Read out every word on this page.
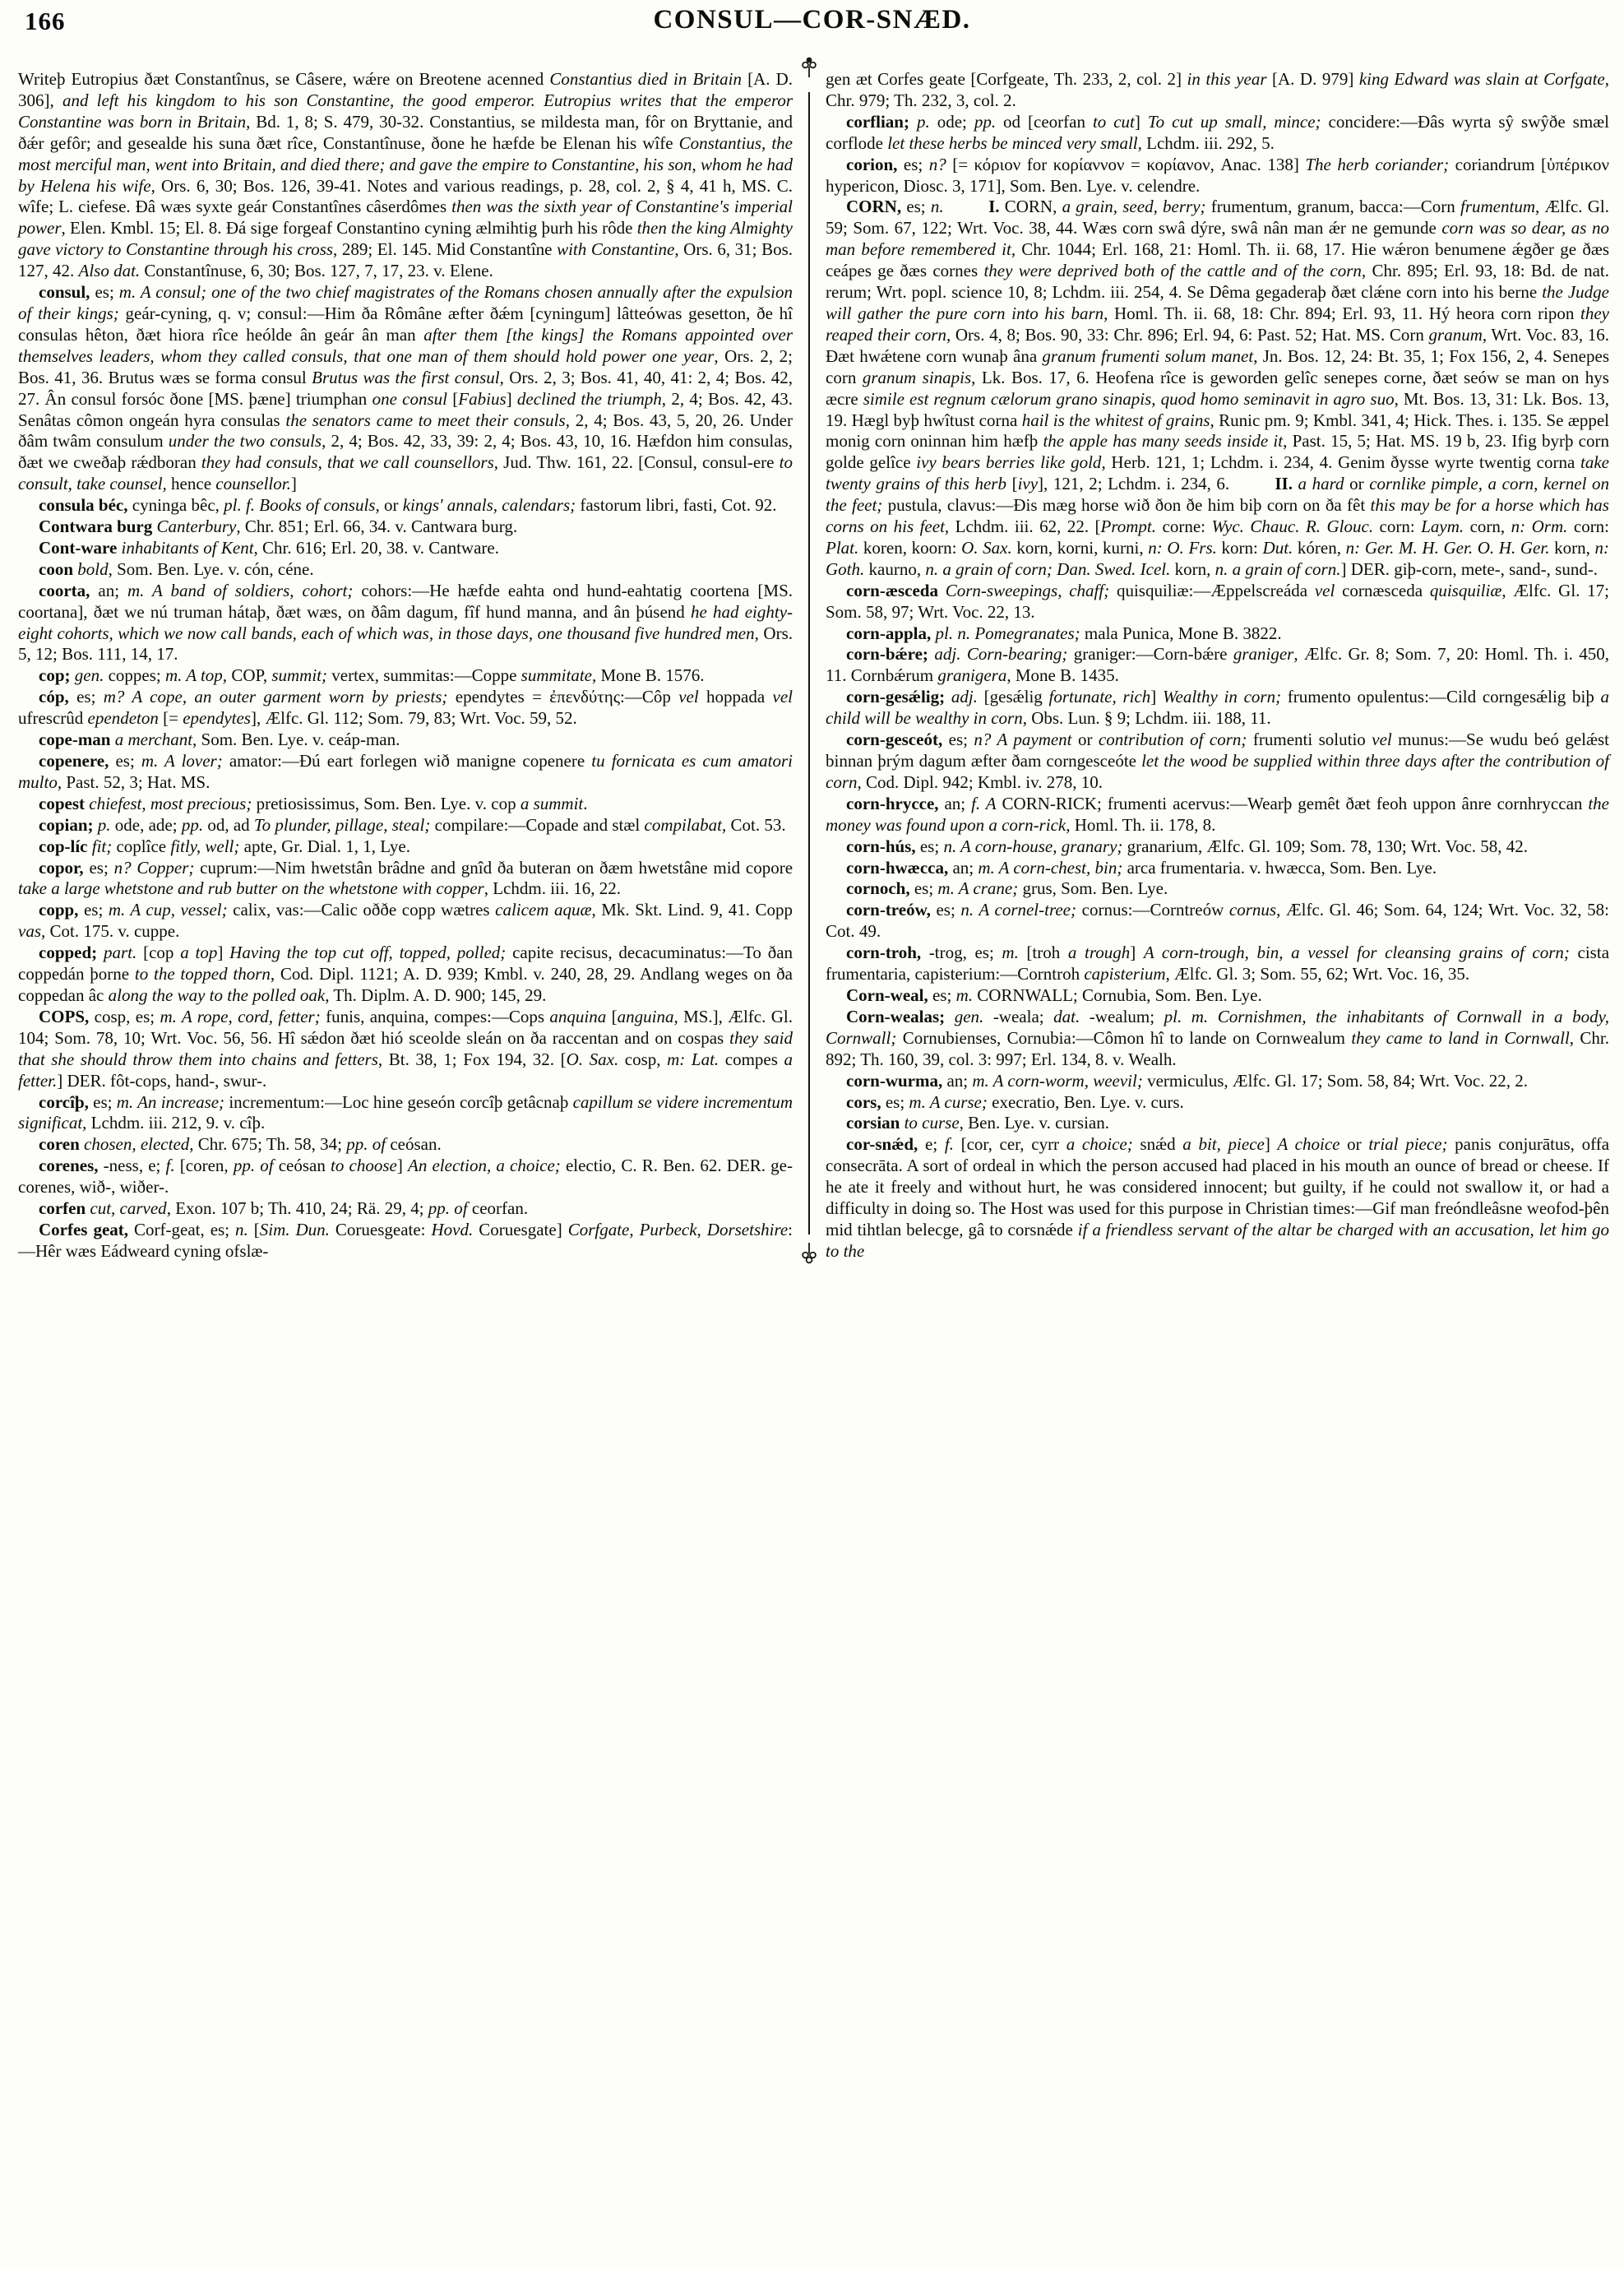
166	CONSUL—COR-SNÆD.

Writeþ Eutropius ðæt Constantînus, se Câsere, wǽre on Breotene acenned Constantius died in Britain [A. D. 306], and left his kingdom to his son Constantine, the good emperor. Eutropius writes that the emperor Constantine was born in Britain, Bd. 1, 8; S. 479, 30-32. Constantius, se mildesta man, fôr on Bryttanie, and ðǽr gefôr; and gesealde his suna ðæt rîce, Constantînuse, ðone he hæfde be Elenan his wîfe Constantius, the most merciful man, went into Britain, and died there; and gave the empire to Constantine, his son, whom he had by Helena his wife, Ors. 6, 30; Bos. 126, 39-41. Notes and various readings, p. 28, col. 2, § 4, 41 h, MS. C. wîfe; L. ciefese. Ðâ wæs syxte geár Constantînes câserdômes then was the sixth year of Constantine's imperial power, Elen. Kmbl. 15; El. 8. Ðá sige forgeaf Constantino cyning ælmihtig þurh his rôde then the king Almighty gave victory to Constantine through his cross, 289; El. 145. Mid Constantîne with Constantine, Ors. 6, 31; Bos. 127, 42. Also dat. Constantînuse, 6, 30; Bos. 127, 7, 17, 23. v. Elene.

consul, es; m. A consul; one of the two chief magistrates of the Romans chosen annually after the expulsion of their kings; geár-cyning, q. v; consul:—Him ða Rômâne æfter ðǽm [cyningum] lâtteówas gesetton, ðe hî consulas hêton, ðæt hiora rîce heólde ân geár ân man after them [the kings] the Romans appointed over themselves leaders, whom they called consuls, that one man of them should hold power one year, Ors. 2, 2; Bos. 41, 36. Brutus wæs se forma consul Brutus was the first consul, Ors. 2, 3; Bos. 41, 40, 41: 2, 4; Bos. 42, 27. Ân consul forsóc ðone [MS. þæne] triumphan one consul [Fabius] declined the triumph, 2, 4; Bos. 42, 43. Senâtas cômon ongeán hyra consulas the senators came to meet their consuls, 2, 4; Bos. 43, 5, 20, 26. Under ðâm twâm consulum under the two consuls, 2, 4; Bos. 42, 33, 39: 2, 4; Bos. 43, 10, 16. Hæfdon him consulas, ðæt we cweðaþ rǽdboran they had consuls, that we call counsellors, Jud. Thw. 161, 22. [Consul, consul-ere to consult, take counsel, hence counsellor.]

consula béc, cyninga bêc, pl. f. Books of consuls, or kings' annals, calendars; fastorum libri, fasti, Cot. 92.

Contwara burg Canterbury, Chr. 851; Erl. 66, 34. v. Cantwara burg.

Cont-ware inhabitants of Kent, Chr. 616; Erl. 20, 38. v. Cantware.

coon bold, Som. Ben. Lye. v. cón, céne.

coorta, an; m. A band of soldiers, cohort; cohors:—He hæfde eahta ond hund-eahtatig coortena [MS. coortana], ðæt we nú truman hátaþ, ðæt wæs, on ðâm dagum, fîf hund manna, and ân þúsend he had eighty-eight cohorts, which we now call bands, each of which was, in those days, one thousand five hundred men, Ors. 5, 12; Bos. 111, 14, 17.

cop; gen. coppes; m. A top, COP, summit; vertex, summitas:—Coppe summitate, Mone B. 1576.

cóp, es; m? A cope, an outer garment worn by priests; ependytes = ἐπενδύτης:—Côp vel hoppada vel ufrescrûd ependeton [= ependytes], Ælfc. Gl. 112; Som. 79, 83; Wrt. Voc. 59, 52.

cope-man a merchant, Som. Ben. Lye. v. ceáp-man.

copenere, es; m. A lover; amator:—Ðú eart forlegen wið manigne copenere tu fornicata es cum amatori multo, Past. 52, 3; Hat. MS.

copest chiefest, most precious; pretiosissimus, Som. Ben. Lye. v. cop a summit.

copian; p. ode, ade; pp. od, ad To plunder, pillage, steal; compilare:—Copade and stæl compilabat, Cot. 53.

cop-líc fit; coplîce fitly, well; apte, Gr. Dial. 1, 1, Lye.

copor, es; n? Copper; cuprum:—Nim hwetstân brâdne and gnîd ða buteran on ðæm hwetstâne mid copore take a large whetstone and rub butter on the whetstone with copper, Lchdm. iii. 16, 22.

copp, es; m. A cup, vessel; calix, vas:—Calic oððe copp wætres calicem aquæ, Mk. Skt. Lind. 9, 41. Copp vas, Cot. 175. v. cuppe.

copped; part. [cop a top] Having the top cut off, topped, polled; capite recisus, decacuminatus:—To ðan coppedán þorne to the topped thorn, Cod. Dipl. 1121; A. D. 939; Kmbl. v. 240, 28, 29. Andlang weges on ða coppedan âc along the way to the polled oak, Th. Diplm. A. D. 900; 145, 29.

COPS, cosp, es; m. A rope, cord, fetter; funis, anquina, compes:—Cops anquina [anguina, MS.], Ælfc. Gl. 104; Som. 78, 10; Wrt. Voc. 56, 56. Hî sǽdon ðæt hió sceolde sleán on ða raccentan and on cospas they said that she should throw them into chains and fetters, Bt. 38, 1; Fox 194, 32. [O. Sax. cosp, m: Lat. compes a fetter.] DER. fôt-cops, hand-, swur-.

corcîþ, es; m. An increase; incrementum:—Loc hine geseón corcîþ getâcnaþ capillum se videre incrementum significat, Lchdm. iii. 212, 9. v. cîþ.

coren chosen, elected, Chr. 675; Th. 58, 34; pp. of ceósan.

corenes, -ness, e; f. [coren, pp. of ceósan to choose] An election, a choice; electio, C. R. Ben. 62. DER. ge-corenes, wið-, wiðer-.

corfen cut, carved, Exon. 107 b; Th. 410, 24; Rä. 29, 4; pp. of ceorfan.

Corfes geat, Corf-geat, es; n. [Sim. Dun. Coruesgeate: Hovd. Coruesgate] Corfgate, Purbeck, Dorsetshire:—Hêr wæs Eádweard cyning ofslæ-

gen æt Corfes geate [Corfgeate, Th. 233, 2, col. 2] in this year [A. D. 979] king Edward was slain at Corfgate, Chr. 979; Th. 232, 3, col. 2.

corflian; p. ode; pp. od [ceorfan to cut] To cut up small, mince; concidere:—Ðâs wyrta sŷ swŷðe smæl corflode let these herbs be minced very small, Lchdm. iii. 292, 5.

corion, es; n? [= κόριον for κορίαννον = κορίανον, Anac. 138] The herb coriander; coriandrum [ὑπέρικον hypericon, Diosc. 3, 171], Som. Ben. Lye. v. celendre.

CORN, es; n.   	I. CORN, a grain, seed, berry; frumentum, granum, bacca:—Corn frumentum, Ælfc. Gl. 59; Som. 67, 122; Wrt. Voc. 38, 44. Wæs corn swâ dýre, swâ nân man ǽr ne gemunde corn was so dear, as no man before remembered it, Chr. 1044; Erl. 168, 21: Homl. Th. ii. 68, 17. Hie wǽron benumene ǽgðer ge ðæs ceápes ge ðæs cornes they were deprived both of the cattle and of the corn, Chr. 895; Erl. 93, 18: Bd. de nat. rerum; Wrt. popl. science 10, 8; Lchdm. iii. 254, 4. Se Dêma gegaderaþ ðæt clǽne corn into his berne the Judge will gather the pure corn into his barn, Homl. Th. ii. 68, 18: Chr. 894; Erl. 93, 11. Hý heora corn ripon they reaped their corn, Ors. 4, 8; Bos. 90, 33: Chr. 896; Erl. 94, 6: Past. 52; Hat. MS. Corn granum, Wrt. Voc. 83, 16. Ðæt hwǽtene corn wunaþ âna granum frumenti solum manet, Jn. Bos. 12, 24: Bt. 35, 1; Fox 156, 2, 4. Senepes corn granum sinapis, Lk. Bos. 17, 6. Heofena rîce is geworden gelîc senepes corne, ðæt seów se man on hys æcre simile est regnum cælorum grano sinapis, quod homo seminavit in agro suo, Mt. Bos. 13, 31: Lk. Bos. 13, 19. Hægl byþ hwîtust corna hail is the whitest of grains, Runic pm. 9; Kmbl. 341, 4; Hick. Thes. i. 135. Se æppel monig corn oninnan him hæfþ the apple has many seeds inside it, Past. 15, 5; Hat. MS. 19 b, 23. Ifig byrþ corn golde gelîce ivy bears berries like gold, Herb. 121, 1; Lchdm. i. 234, 4. Genim ðysse wyrte twentig corna take twenty grains of this herb [ivy], 121, 2; Lchdm. i. 234, 6.    II. a hard or cornlike pimple, a corn, kernel on the feet; pustula, clavus:—Ðis mæg horse wið ðon ðe him biþ corn on ða fêt this may be for a horse which has corns on his feet, Lchdm. iii. 62, 22. [Prompt. corne: Wyc. Chauc. R. Glouc. corn: Laym. corn, n: Orm. corn: Plat. koren, koorn: O. Sax. korn, korni, kurni, n: O. Frs. korn: Dut. kóren, n: Ger. M. H. Ger. O. H. Ger. korn, n: Goth. kaurno, n. a grain of corn; Dan. Swed. Icel. korn, n. a grain of corn.] DER. giþ-corn, mete-, sand-, sund-.

corn-æsceda Corn-sweepings, chaff; quisquiliæ:—Æppelscreáda vel cornæsceda quisquiliæ, Ælfc. Gl. 17; Som. 58, 97; Wrt. Voc. 22, 13.

corn-appla, pl. n. Pomegranates; mala Punica, Mone B. 3822.

corn-bǽre; adj. Corn-bearing; graniger:—Corn-bǽre graniger, Ælfc. Gr. 8; Som. 7, 20: Homl. Th. i. 450, 11. Cornbǽrum granigera, Mone B. 1435.

corn-gesǽlig; adj. [gesǽlig fortunate, rich] Wealthy in corn; frumento opulentus:—Cild corngesǽlig biþ a child will be wealthy in corn, Obs. Lun. § 9; Lchdm. iii. 188, 11.

corn-gesceót, es; n? A payment or contribution of corn; frumenti solutio vel munus:—Se wudu beó gelǽst binnan þrým dagum æfter ðam corngesceóte let the wood be supplied within three days after the contribution of corn, Cod. Dipl. 942; Kmbl. iv. 278, 10.

corn-hrycce, an; f. A CORN-RICK; frumenti acervus:—Wearþ gemêt ðæt feoh uppon ânre cornhryccan the money was found upon a corn-rick, Homl. Th. ii. 178, 8.

corn-hús, es; n. A corn-house, granary; granarium, Ælfc. Gl. 109; Som. 78, 130; Wrt. Voc. 58, 42.

corn-hwæcca, an; m. A corn-chest, bin; arca frumentaria. v. hwæcca, Som. Ben. Lye.

cornoch, es; m. A crane; grus, Som. Ben. Lye.

corn-treów, es; n. A cornel-tree; cornus:—Corntreów cornus, Ælfc. Gl. 46; Som. 64, 124; Wrt. Voc. 32, 58: Cot. 49.

corn-troh, -trog, es; m. [troh a trough] A corn-trough, bin, a vessel for cleansing grains of corn; cista frumentaria, capisterium:—Corntroh capisterium, Ælfc. Gl. 3; Som. 55, 62; Wrt. Voc. 16, 35.

Corn-weal, es; m. CORNWALL; Cornubia, Som. Ben. Lye.

Corn-wealas; gen. -weala; dat. -wealum; pl. m. Cornishmen, the inhabitants of Cornwall in a body, Cornwall; Cornubienses, Cornubia:—Cômon hî to lande on Cornwealum they came to land in Cornwall, Chr. 892; Th. 160, 39, col. 3: 997; Erl. 134, 8. v. Wealh.

corn-wurma, an; m. A corn-worm, weevil; vermiculus, Ælfc. Gl. 17; Som. 58, 84; Wrt. Voc. 22, 2.

cors, es; m. A curse; execratio, Ben. Lye. v. curs.

corsian to curse, Ben. Lye. v. cursian.

cor-snǽd, e; f. [cor, cer, cyrr a choice; snǽd a bit, piece] A choice or trial piece; panis conjurātus, offa consecrāta. A sort of ordeal in which the person accused had placed in his mouth an ounce of bread or cheese. If he ate it freely and without hurt, he was considered innocent; but guilty, if he could not swallow it, or had a difficulty in doing so. The Host was used for this purpose in Christian times:—Gif man freóndleâsne weofod-þên mid tihtlan belecge, gâ to corsnǽde if a friendless servant of the altar be charged with an accusation, let him go to the
